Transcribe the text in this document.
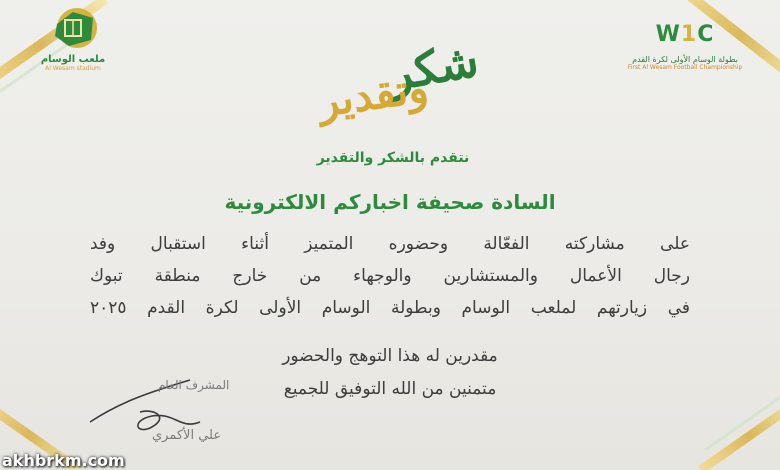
ملعب الوسام
Al Wesam stadium
W1C
بطولة الوسام الأولى لكرة القدم
First Al Wesam Football Championship
شكر
وتقدير
نتقدم بالشكر والتقدير
السادة صحيفة اخباركم الالكترونية
على مشاركته الفعّالة وحضوره المتميز أثناء استقبال وفد
رجال الأعمال والمستشارين والوجهاء من خارج منطقة تبوك
في زيارتهم لملعب الوسام وبطولة الوسام الأولى لكرة القدم ٢٠٢٥
مقدرين له هذا التوهج والحضور
متمنين من الله التوفيق للجميع
المشرف العام
علي الأكمري
akhbrkm.com
